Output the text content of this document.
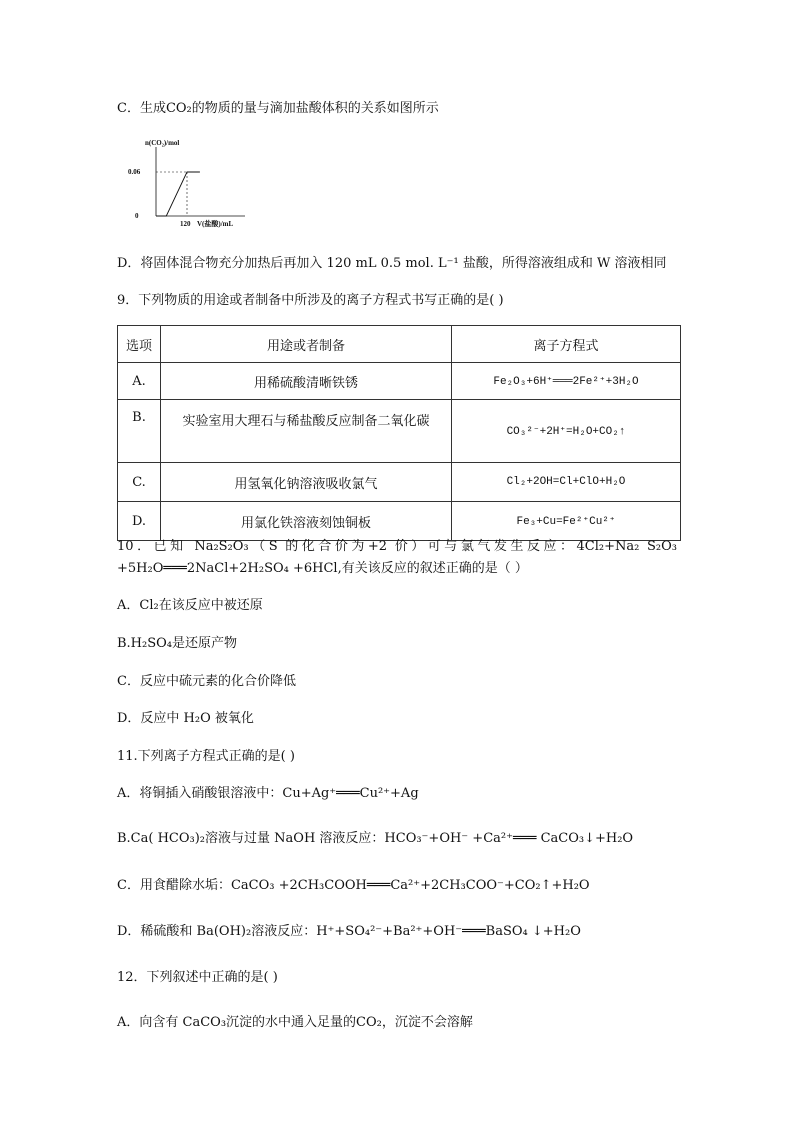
C．生成CO₂的物质的量与滴加盐酸体积的关系如图所示
n(CO₂)/mol
0.06
0
120 V(盐酸)/mL
D．将固体混合物充分加热后再加入 120 mL 0.5 mol. L⁻¹ 盐酸，所得溶液组成和 W 溶液相同
9．下列物质的用途或者制备中所涉及的离子方程式书写正确的是( )
选项	用途或者制备	离子方程式
A.	用稀硫酸清晰铁锈	Fe₂O₃+6H⁺═══2Fe²⁺+3H₂O
B.	实验室用大理石与稀盐酸反应制备二氧化碳	CO₃²⁻+2H⁺=H₂O+CO₂↑
C.	用氢氧化钠溶液吸收氯气	Cl₂+2OH=Cl+ClO+H₂O
D.	用氯化铁溶液刻蚀铜板	Fe₃+Cu=Fe²⁺Cu²⁺
10．已知 Na₂S₂O₃（S 的化合价为+2 价）可与氯气发生反应：4Cl₂+Na₂ S₂O₃
+5H₂O═══2NaCl+2H₂SO₄ +6HCl,有关该反应的叙述正确的是（ ）
A．Cl₂在该反应中被还原
B.H₂SO₄是还原产物
C．反应中硫元素的化合价降低
D．反应中 H₂O 被氧化
11.下列离子方程式正确的是( )
A．将铜插入硝酸银溶液中：Cu+Ag⁺═══Cu²⁺+Ag
B.Ca( HCO₃)₂溶液与过量 NaOH 溶液反应：HCO₃⁻+OH⁻ +Ca²⁺═══ CaCO₃↓+H₂O
C．用食醋除水垢：CaCO₃ +2CH₃COOH═══Ca²⁺+2CH₃COO⁻+CO₂↑+H₂O
D．稀硫酸和 Ba(OH)₂溶液反应：H⁺+SO₄²⁻+Ba²⁺+OH⁻═══BaSO₄ ↓+H₂O
12．下列叙述中正确的是( )
A．向含有 CaCO₃沉淀的水中通入足量的CO₂，沉淀不会溶解
